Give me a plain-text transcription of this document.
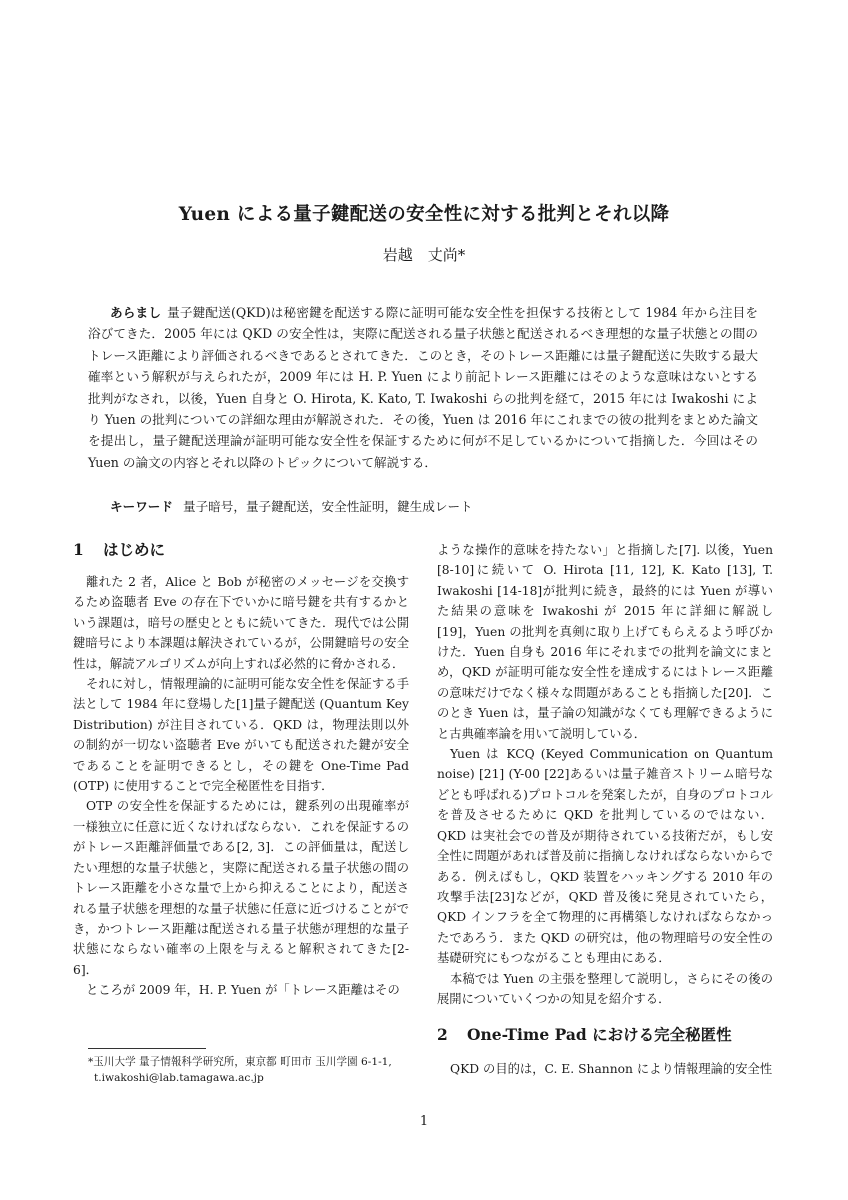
Yuen による量子鍵配送の安全性に対する批判とそれ以降
岩越　丈尚*
あらまし 量子鍵配送(QKD)は秘密鍵を配送する際に証明可能な安全性を担保する技術として 1984 年から注目を浴びてきた．2005 年には QKD の安全性は，実際に配送される量子状態と配送されるべき理想的な量子状態との間のトレース距離により評価されるべきであるとされてきた．このとき，そのトレース距離には量子鍵配送に失敗する最大確率という解釈が与えられたが，2009 年には H. P. Yuen により前記トレース距離にはそのような意味はないとする批判がなされ，以後，Yuen 自身と O. Hirota, K. Kato, T. Iwakoshi らの批判を経て，2015 年には Iwakoshi により Yuen の批判についての詳細な理由が解説された．その後，Yuen は 2016 年にこれまでの彼の批判をまとめた論文を提出し，量子鍵配送理論が証明可能な安全性を保証するために何が不足しているかについて指摘した．今回はその Yuen の論文の内容とそれ以降のトピックについて解説する．
キーワード 量子暗号，量子鍵配送，安全性証明，鍵生成レート
1 はじめに

離れた 2 者，Alice と Bob が秘密のメッセージを交換するため盗聴者 Eve の存在下でいかに暗号鍵を共有するかという課題は，暗号の歴史とともに続いてきた．現代では公開鍵暗号により本課題は解決されているが，公開鍵暗号の安全性は，解読アルゴリズムが向上すれば必然的に脅かされる．

それに対し，情報理論的に証明可能な安全性を保証する手法として 1984 年に登場した[1]量子鍵配送 (Quantum Key Distribution) が注目されている．QKD は，物理法則以外の制約が一切ない盗聴者 Eve がいても配送された鍵が安全であることを証明できるとし，その鍵を One-Time Pad (OTP) に使用することで完全秘匿性を目指す．

OTP の安全性を保証するためには，鍵系列の出現確率が一様独立に任意に近くなければならない．これを保証するのがトレース距離評価量である[2, 3]．この評価量は，配送したい理想的な量子状態と，実際に配送される量子状態の間のトレース距離を小さな量で上から抑えることにより，配送される量子状態を理想的な量子状態に任意に近づけることができ，かつトレース距離は配送される量子状態が理想的な量子状態にならない確率の上限を与えると解釈されてきた[2-6]．

ところが 2009 年，H. P. Yuen が「トレース距離はその

ような操作的意味を持たない」と指摘した[7]. 以後，Yuen [8-10]に続いて O. Hirota [11, 12], K. Kato [13], T. Iwakoshi [14-18]が批判に続き，最終的には Yuen が導いた結果の意味を Iwakoshi が 2015 年に詳細に解説し[19]，Yuen の批判を真剣に取り上げてもらえるよう呼びかけた．Yuen 自身も 2016 年にそれまでの批判を論文にまとめ，QKD が証明可能な安全性を達成するにはトレース距離の意味だけでなく様々な問題があることも指摘した[20]．このとき Yuen は，量子論の知識がなくても理解できるようにと古典確率論を用いて説明している．

Yuen は KCQ (Keyed Communication on Quantum noise) [21] (Y-00 [22]あるいは量子雑音ストリーム暗号などとも呼ばれる)プロトコルを発案したが，自身のプロトコルを普及させるために QKD を批判しているのではない．QKD は実社会での普及が期待されている技術だが，もし安全性に問題があれば普及前に指摘しなければならないからである．例えばもし，QKD 装置をハッキングする 2010 年の攻撃手法[23]などが，QKD 普及後に発見されていたら，QKD インフラを全て物理的に再構築しなければならなかったであろう．また QKD の研究は，他の物理暗号の安全性の基礎研究にもつながることも理由にある．

本稿では Yuen の主張を整理して説明し，さらにその後の展開についていくつかの知見を紹介する．

2 One-Time Pad における完全秘匿性

QKD の目的は，C. E. Shannon により情報理論的安全性

*玉川大学 量子情報科学研究所，東京都 町田市 玉川学園 6-1-1,
t.iwakoshi@lab.tamagawa.ac.jp
1
